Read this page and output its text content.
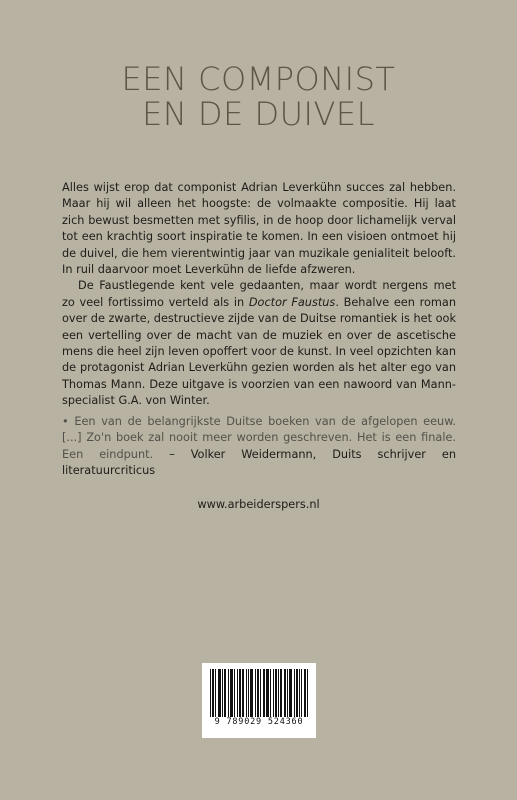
EEN COMPONIST
EN DE DUIVEL

Alles wijst erop dat componist Adrian Leverkühn succes zal hebben. Maar hij wil alleen het hoogste: de volmaakte compositie. Hij laat zich bewust besmetten met syfilis, in de hoop door lichamelijk verval tot een krachtig soort inspiratie te komen. In een visioen ontmoet hij de duivel, die hem vierentwintig jaar van muzikale genialiteit belooft. In ruil daarvoor moet Leverkühn de liefde afzweren.

De Faustlegende kent vele gedaanten, maar wordt nergens met zo veel fortissimo verteld als in Doctor Faustus. Behalve een roman over de zwarte, destructieve zijde van de Duitse romantiek is het ook een vertelling over de macht van de muziek en over de ascetische mens die heel zijn leven opoffert voor de kunst. In veel opzichten kan de protagonist Adrian Leverkühn gezien worden als het alter ego van Thomas Mann. Deze uitgave is voorzien van een nawoord van Mann-specialist G.A. von Winter.

• Een van de belangrijkste Duitse boeken van de afgelopen eeuw. [...] Zo'n boek zal nooit meer worden geschreven. Het is een finale. Een eindpunt. – Volker Weidermann, Duits schrijver en literatuurcriticus
www.arbeiderspers.nl
9 789029 524360
